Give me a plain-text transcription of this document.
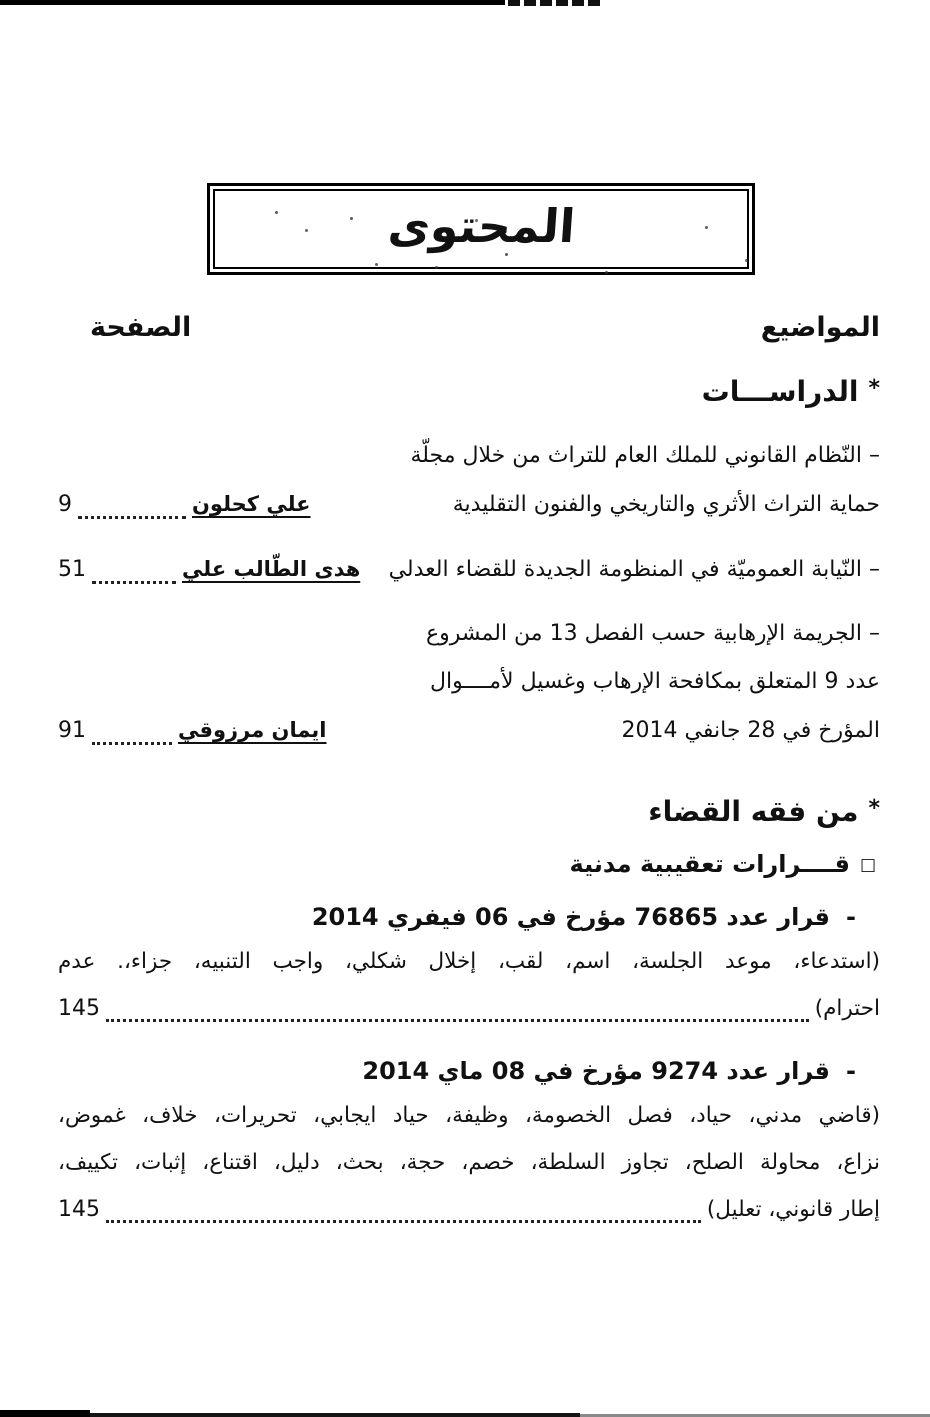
المحتوى
المواضيع
الصفحة
*
الدراســـات
– النّظام القانوني للملك العام للتراث من خلال مجلّة
حماية التراث الأثري والتاريخي والفنون التقليدية
9	علي كحلون
– النّيابة العموميّة في المنظومة الجديدة للقضاء العدلي
51	هدى الطّالب علي
– الجريمة الإرهابية حسب الفصل 13 من المشروع
عدد 9 المتعلق بمكافحة الإرهاب وغسيل لأمــــوال
المؤرخ في 28 جانفي 2014
91	ايمان مرزوقي
*
من فقه القضاء
□
قــــرارات تعقيبية مدنية
-
قرار عدد 76865 مؤرخ في 06 فيفري 2014
(استدعاء، موعد الجلسة، اسم، لقب، إخلال شكلي، واجب التنبيه، جزاء،. عدم
احترام)
145
-
قرار عدد 9274 مؤرخ في 08 ماي 2014
(قاضي مدني، حياد، فصل الخصومة، وظيفة، حياد ايجابي، تحريرات، خلاف، غموض،
نزاع، محاولة الصلح، تجاوز السلطة، خصم، حجة، بحث، دليل، اقتناع، إثبات، تكييف،
إطار قانوني، تعليل)
145
